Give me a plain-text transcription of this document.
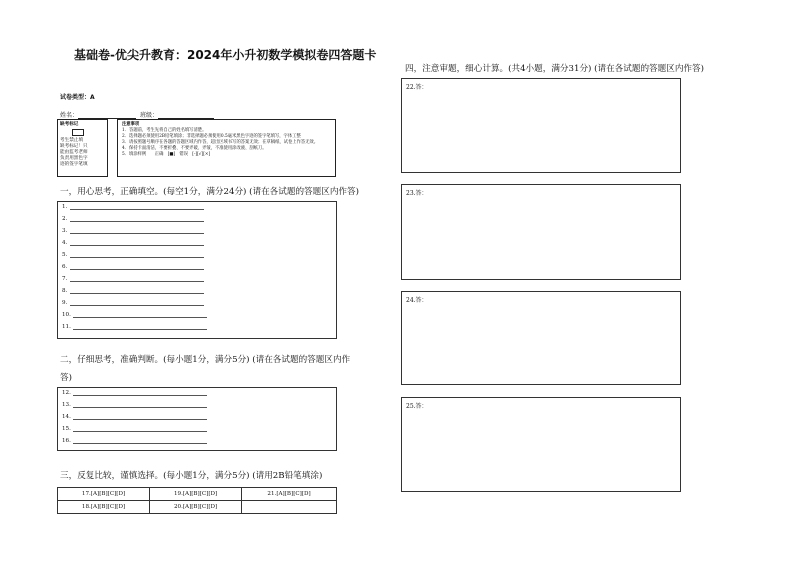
基础卷-优尖升教育：2024年小升初数学模拟卷四答题卡
试卷类型：A
姓名：	班级：
缺考标记
考生禁止填
缺考标记！只
能由监考老师
负责用黑色字
迹的签字笔填
注意事项
1．答题前，考生先将自己的姓名填写清楚。
2．选择题必须使用2B铅笔填涂；非选择题必须使用0.5毫米黑色字迹的签字笔填写，字体工整
3．请按照题号顺序在各题的答题区域内作答，超出区域书写的答案无效；在草稿纸、试卷上作答无效。
4．保持卡面清洁，不要折叠、不要弄破、弄皱，不准使用涂改液、刮纸刀。
5．填涂样例　　正确　[■]　错误　[-][√][×]
一，用心思考，正确填空。(每空1分，满分24分) (请在各试题的答题区内作答)
1.
2.
3.
4.
5.
6.
7.
8.
9.
10.
11.
二，仔细思考，准确判断。(每小题1分，满分5分) (请在各试题的答题区内作
答)
12.
13.
14.
15.
16.
三，反复比较，谨慎选择。(每小题1分，满分5分) (请用2B铅笔填涂)
17.[A][B][C][D]	19.[A][B][C][D]	21.[A][B][C][D]
18.[A][B][C][D]	20.[A][B][C][D]	
四，注意审题，细心计算。(共4小题，满分31分) (请在各试题的答题区内作答)
22.答：
23.答：
24.答：
25.答：
